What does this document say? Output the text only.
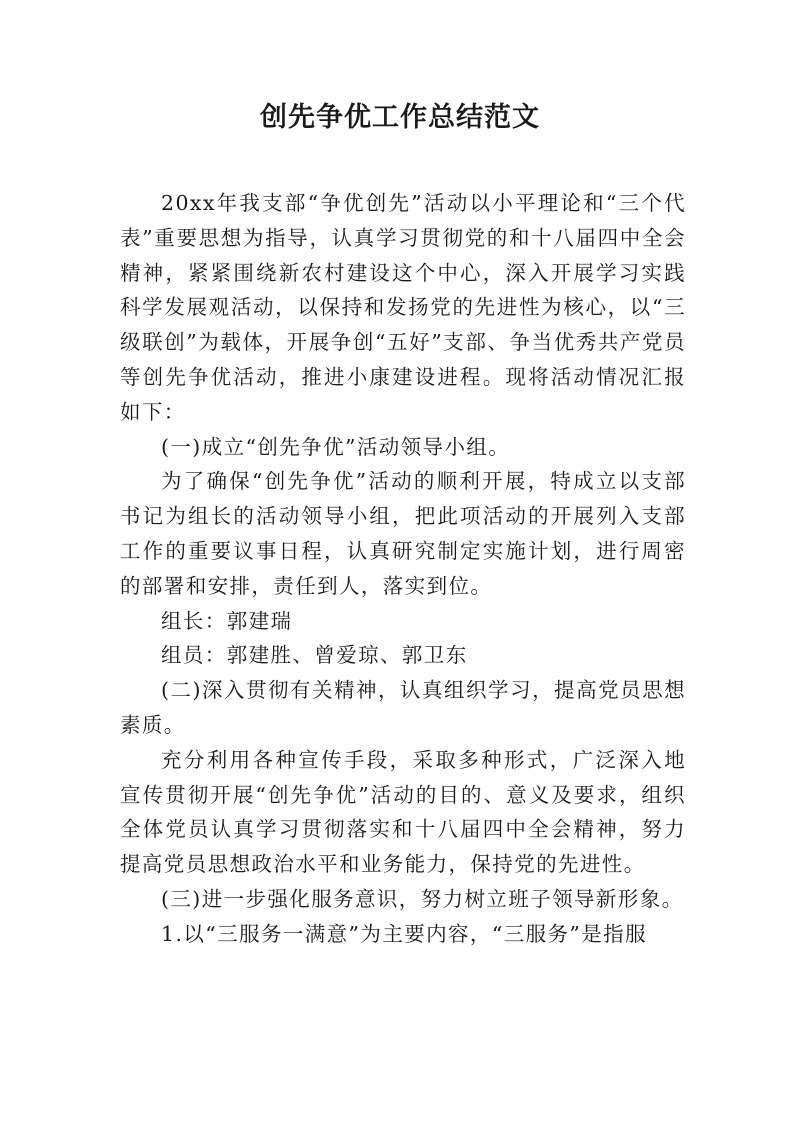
创先争优工作总结范文

20xx年我支部“争优创先”活动以小平理论和“三个代表”重要思想为指导，认真学习贯彻党的和十八届四中全会精神，紧紧围绕新农村建设这个中心，深入开展学习实践科学发展观活动，以保持和发扬党的先进性为核心，以“三级联创”为载体，开展争创“五好”支部、争当优秀共产党员等创先争优活动，推进小康建设进程。现将活动情况汇报如下：

(一)成立“创先争优”活动领导小组。

为了确保“创先争优”活动的顺利开展，特成立以支部书记为组长的活动领导小组，把此项活动的开展列入支部工作的重要议事日程，认真研究制定实施计划，进行周密的部署和安排，责任到人，落实到位。

组长：郭建瑞

组员：郭建胜、曾爱琼、郭卫东

(二)深入贯彻有关精神，认真组织学习，提高党员思想素质。

充分利用各种宣传手段，采取多种形式，广泛深入地宣传贯彻开展“创先争优”活动的目的、意义及要求，组织全体党员认真学习贯彻落实和十八届四中全会精神，努力提高党员思想政治水平和业务能力，保持党的先进性。

(三)进一步强化服务意识，努力树立班子领导新形象。

1.以“三服务一满意”为主要内容，“三服务”是指服
